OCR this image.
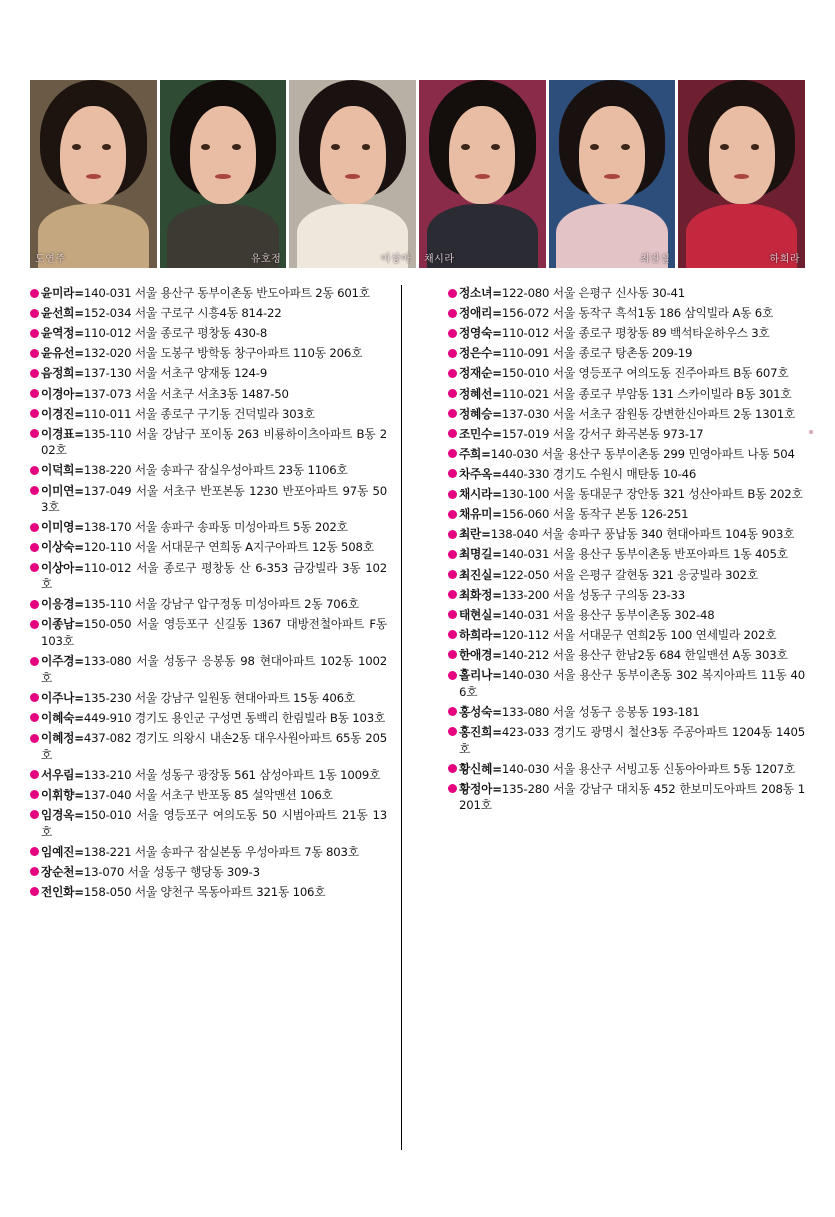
도연주	유호정	이상아 채시라	최진실	하희라
윤미라=140-031 서울 용산구 동부이촌동 반도아파트 2동 601호
윤선희=152-034 서울 구로구 시흥4동 814-22
윤역정=110-012 서울 종로구 평창동 430-8
윤유선=132-020 서울 도봉구 방학동 창구아파트 110동 206호
음정희=137-130 서울 서초구 양재동 124-9
이경아=137-073 서울 서초구 서초3동 1487-50
이경진=110-011 서울 종로구 구기동 건덕빌라 303호
이경표=135-110 서울 강남구 포이동 263 비룡하이츠아파트 B동 202호
이덕희=138-220 서울 송파구 잠실우성아파트 23동 1106호
이미연=137-049 서울 서초구 반포본동 1230 반포아파트 97동 503호
이미영=138-170 서울 송파구 송파동 미성아파트 5동 202호
이상숙=120-110 서울 서대문구 연희동 A지구아파트 12동 508호
이상아=110-012 서울 종로구 평창동 산 6-353 금강빌라 3동 102호
이응경=135-110 서울 강남구 압구정동 미성아파트 2동 706호
이종남=150-050 서울 영등포구 신길동 1367 대방전철아파트 F동 103호
이주경=133-080 서울 성동구 응봉동 98 현대아파트 102동 1002호
이주나=135-230 서울 강남구 일원동 현대아파트 15동 406호
이혜숙=449-910 경기도 용인군 구성면 동백리 한림빌라 B동 103호
이혜정=437-082 경기도 의왕시 내손2동 대우사원아파트 65동 205호
서우림=133-210 서울 성동구 광장동 561 삼성아파트 1동 1009호
이휘향=137-040 서울 서초구 반포동 85 설악맨션 106호
임경옥=150-010 서울 영등포구 여의도동 50 시범아파트 21동 13호
임예진=138-221 서울 송파구 잠실본동 우성아파트 7동 803호
장순천=13-070 서울 성동구 행당동 309-3
전인화=158-050 서울 양천구 목동아파트 321동 106호
정소녀=122-080 서울 은평구 신사동 30-41
정애리=156-072 서울 동작구 흑석1동 186 삼익빌라 A동 6호
정영숙=110-012 서울 종로구 평창동 89 백석타운하우스 3호
정은수=110-091 서울 종로구 탕촌동 209-19
정재순=150-010 서울 영등포구 여의도동 진주아파트 B동 607호
정혜선=110-021 서울 종로구 부암동 131 스카이빌라 B동 301호
정혜승=137-030 서울 서초구 잠원동 강변한신아파트 2동 1301호
조민수=157-019 서울 강서구 화곡본동 973-17
주희=140-030 서울 용산구 동부이촌동 299 민영아파트 나동 504
차주옥=440-330 경기도 수원시 매탄동 10-46
채시라=130-100 서울 동대문구 장안동 321 성산아파트 B동 202호
채유미=156-060 서울 동작구 본동 126-251
최란=138-040 서울 송파구 풍납동 340 현대아파트 104동 903호
최명길=140-031 서울 용산구 동부이촌동 반포아파트 1동 405호
최진실=122-050 서울 은평구 갈현동 321 응궁빌라 302호
최화정=133-200 서울 성동구 구의동 23-33
태현실=140-031 서울 용산구 동부이촌동 302-48
하희라=120-112 서울 서대문구 연희2동 100 연세빌라 202호
한애경=140-212 서울 용산구 한남2동 684 한일맨션 A동 303호
홀리나=140-030 서울 용산구 동부이촌동 302 복지아파트 11동 406호
홍성숙=133-080 서울 성동구 응봉동 193-181
홍진희=423-033 경기도 광명시 철산3동 주공아파트 1204동 1405호
황신혜=140-030 서울 용산구 서빙고동 신동아아파트 5동 1207호
황정아=135-280 서울 강남구 대치동 452 한보미도아파트 208동 1201호
